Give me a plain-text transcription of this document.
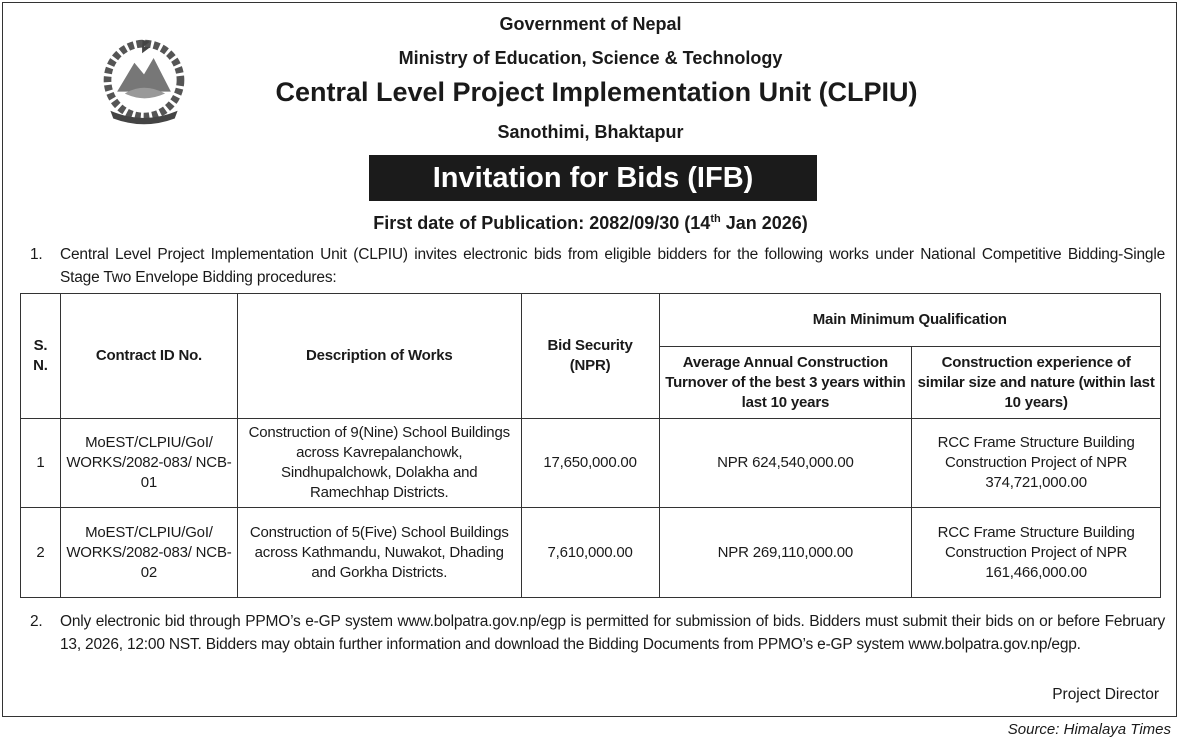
Government of Nepal
Ministry of Education, Science & Technology
Central Level Project Implementation Unit (CLPIU)
Sanothimi, Bhaktapur
Invitation for Bids (IFB)
First date of Publication: 2082/09/30 (14th Jan 2026)
1. Central Level Project Implementation Unit (CLPIU) invites electronic bids from eligible bidders for the following works under National Competitive Bidding-Single Stage Two Envelope Bidding procedures:
S. N.	Contract ID No.	Description of Works	Bid Security (NPR)	Main Minimum Qualification	
				Average Annual Construction Turnover of the best 3 years within last 10 years	Construction experience of similar size and nature (within last 10 years)
1	MoEST/CLPIU/GoI/ WORKS/2082-083/ NCB-01	Construction of 9(Nine) School Buildings across Kavrepalanchowk, Sindhupalchowk, Dolakha and Ramechhap Districts.	17,650,000.00	NPR 624,540,000.00	RCC Frame Structure Building Construction Project of NPR 374,721,000.00
2	MoEST/CLPIU/GoI/ WORKS/2082-083/ NCB-02	Construction of 5(Five) School Buildings across Kathmandu, Nuwakot, Dhading and Gorkha Districts.	7,610,000.00	NPR 269,110,000.00	RCC Frame Structure Building Construction Project of NPR 161,466,000.00
2. Only electronic bid through PPMO’s e-GP system www.bolpatra.gov.np/egp is permitted for submission of bids. Bidders must submit their bids on or before February 13, 2026, 12:00 NST. Bidders may obtain further information and download the Bidding Documents from PPMO’s e-GP system www.bolpatra.gov.np/egp.
Project Director
Source: Himalaya Times
